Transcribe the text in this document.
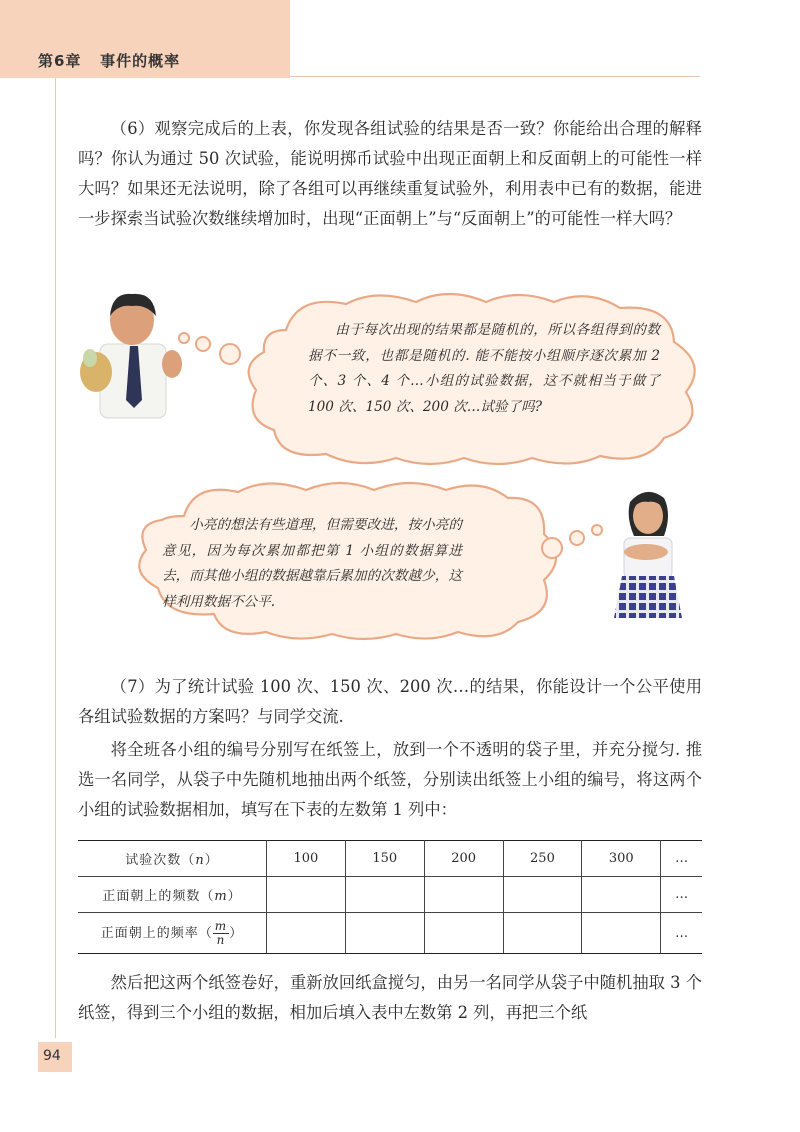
第6章 事件的概率

（6）观察完成后的上表，你发现各组试验的结果是否一致？你能给出合理的解释吗？你认为通过 50 次试验，能说明掷币试验中出现正面朝上和反面朝上的可能性一样大吗？如果还无法说明，除了各组可以再继续重复试验外，利用表中已有的数据，能进一步探索当试验次数继续增加时，出现“正面朝上”与“反面朝上”的可能性一样大吗？

由于每次出现的结果都是随机的，所以各组得到的数据不一致，也都是随机的. 能不能按小组顺序逐次累加 2 个、3 个、4 个…小组的试验数据，这不就相当于做了 100 次、150 次、200 次…试验了吗?

小亮的想法有些道理，但需要改进，按小亮的意见，因为每次累加都把第 1 小组的数据算进去，而其他小组的数据越靠后累加的次数越少，这样利用数据不公平.

（7）为了统计试验 100 次、150 次、200 次…的结果，你能设计一个公平使用各组试验数据的方案吗？与同学交流.

将全班各小组的编号分别写在纸签上，放到一个不透明的袋子里，并充分搅匀. 推选一名同学，从袋子中先随机地抽出两个纸签，分别读出纸签上小组的编号，将这两个小组的试验数据相加，填写在下表的左数第 1 列中：

试验次数（n）	100	150	200	250	300	…
正面朝上的频数（m）						…
正面朝上的频率（ $\frac{m}{n}$ ）						…

然后把这两个纸签卷好，重新放回纸盒搅匀，由另一名同学从袋子中随机抽取 3 个纸签，得到三个小组的数据，相加后填入表中左数第 2 列，再把三个纸

94
